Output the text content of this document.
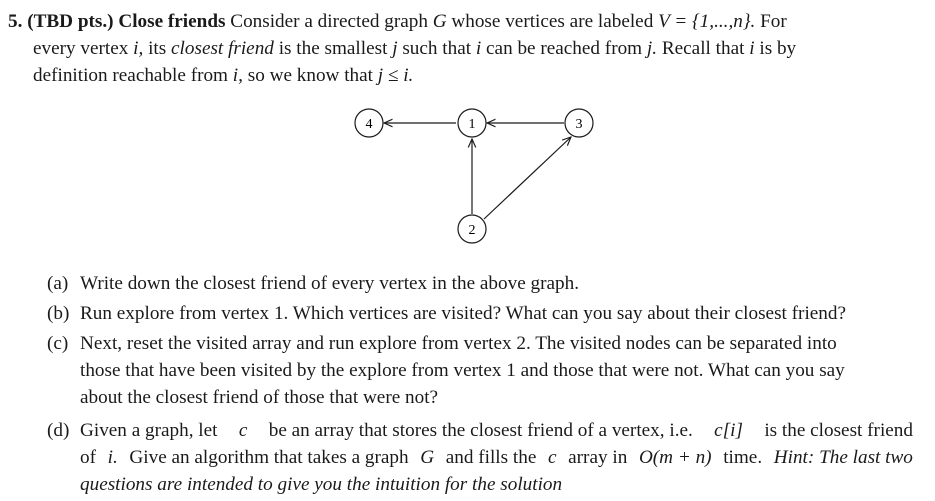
5. (TBD pts.) Close friends Consider a directed graph G whose vertices are labeled V = {1,...,n}. For
every vertex i, its closest friend is the smallest j such that i can be reached from j. Recall that i is by
definition reachable from i, so we know that j ≤ i.
4	1	3
2
(a) Write down the closest friend of every vertex in the above graph.
(b) Run explore from vertex 1. Which vertices are visited? What can you say about their closest friend?
(c) Next, reset the visited array and run explore from vertex 2. The visited nodes can be separated into
those that have been visited by the explore from vertex 1 and those that were not. What can you say
about the closest friend of those that were not?
(d) Given a graph, let c be an array that stores the closest friend of a vertex, i.e. c[i] is the closest friend
of i. Give an algorithm that takes a graph G and fills the c array in O(m + n) time. Hint: The last two
questions are intended to give you the intuition for the solution
